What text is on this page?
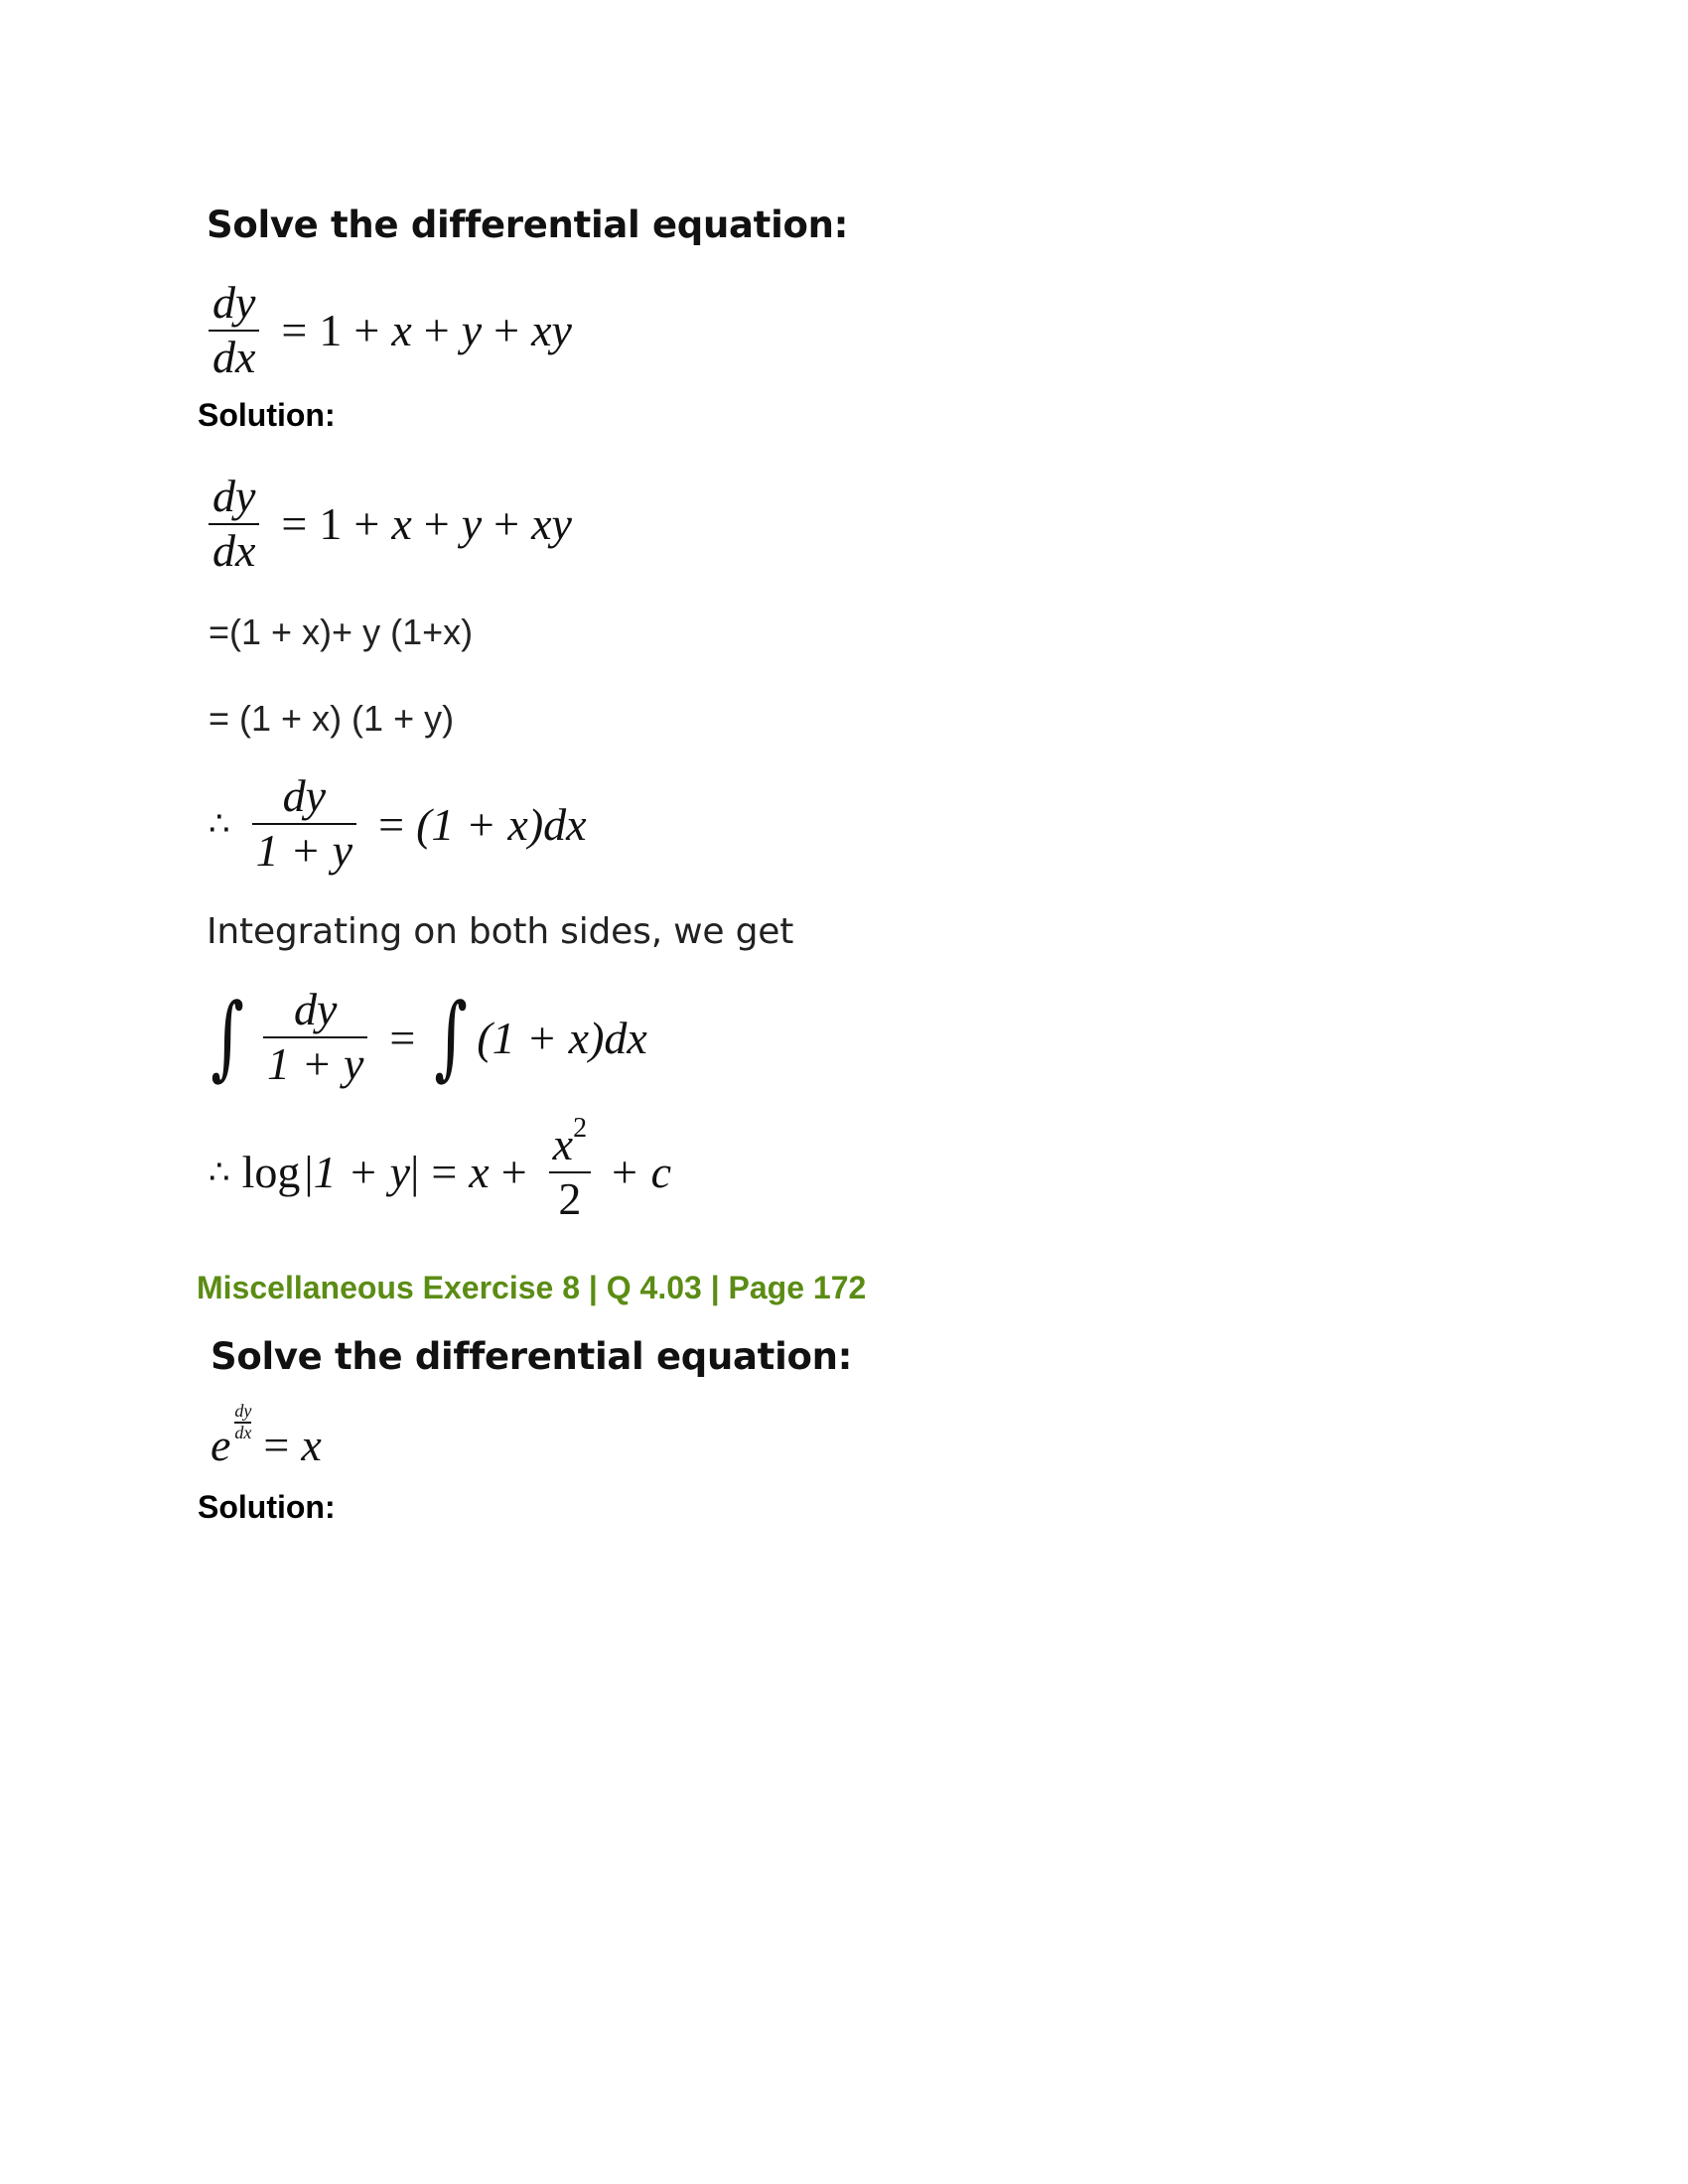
Solve the differential equation:
$\frac{dy}{dx} = 1 + x + y$ + xy
Solution:
$\frac{dy}{dx} = 1 + x + y$ + xy
=(1 + x)+ y (1+x)
= (1 + x) (1 + y)
∴ $\frac{dy}{1 + y} = (1 + x)dx$
Integrating on both sides, we get
∫ $\frac{dy}{1 + y}$ = ∫ (1 + x)dx
∴ log | 1 + y | = $x + \frac{x^2}{2} + c$
Miscellaneous Exercise 8 | Q 4.03 | Page 172
Solve the differential equation:
e $\frac{dy}{dx} = x$
Solution:
